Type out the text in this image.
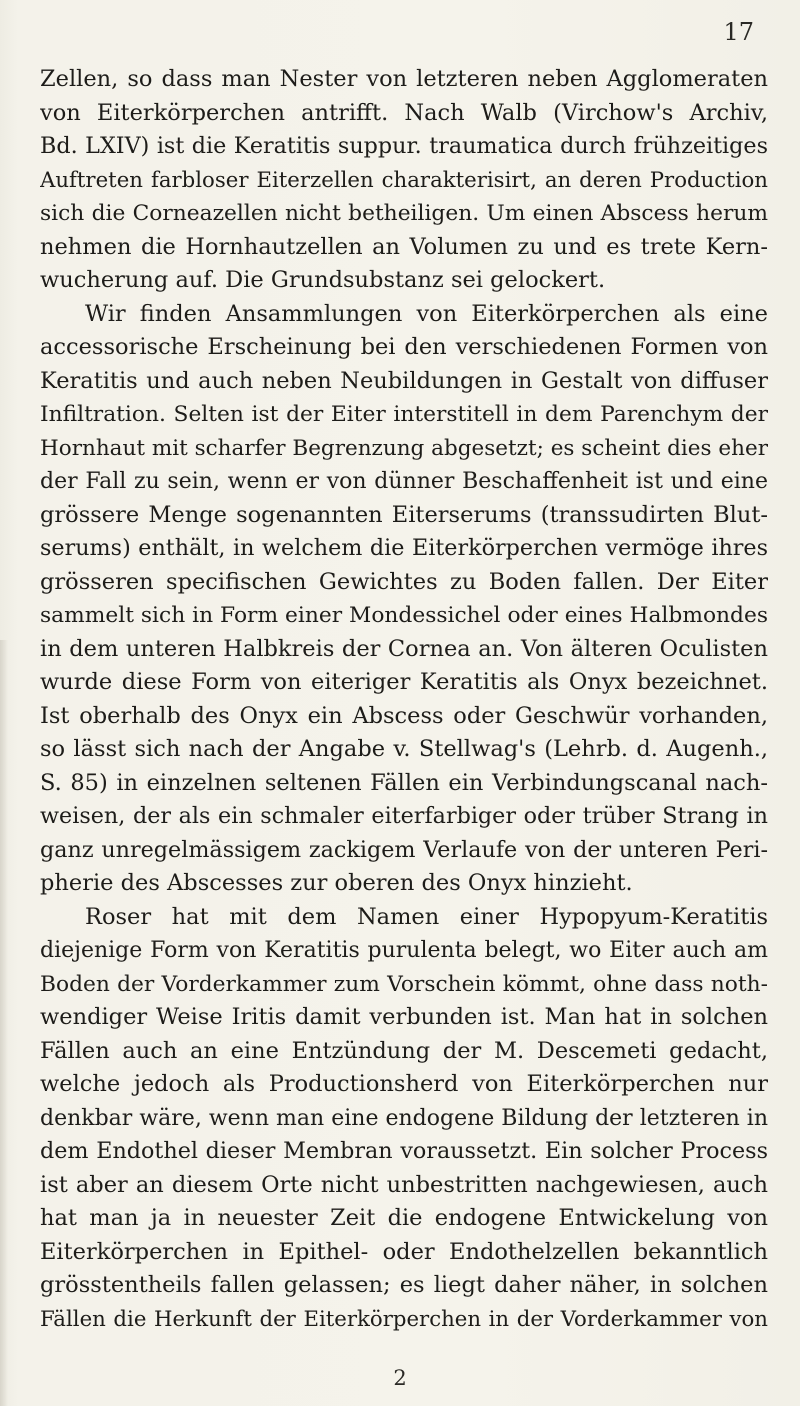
17
Zellen, so dass man Nester von letzteren neben Agglomeraten
von Eiterkörperchen antrifft. Nach Walb (Virchow's Archiv,
Bd. LXIV) ist die Keratitis suppur. traumatica durch frühzeitiges
Auftreten farbloser Eiterzellen charakterisirt, an deren Production
sich die Corneazellen nicht betheiligen. Um einen Abscess herum
nehmen die Hornhautzellen an Volumen zu und es trete Kern-
wucherung auf. Die Grundsubstanz sei gelockert.
Wir finden Ansammlungen von Eiterkörperchen als eine
accessorische Erscheinung bei den verschiedenen Formen von
Keratitis und auch neben Neubildungen in Gestalt von diffuser
Infiltration. Selten ist der Eiter interstitell in dem Parenchym der
Hornhaut mit scharfer Begrenzung abgesetzt; es scheint dies eher
der Fall zu sein, wenn er von dünner Beschaffenheit ist und eine
grössere Menge sogenannten Eiterserums (transsudirten Blut-
serums) enthält, in welchem die Eiterkörperchen vermöge ihres
grösseren specifischen Gewichtes zu Boden fallen. Der Eiter
sammelt sich in Form einer Mondessichel oder eines Halbmondes
in dem unteren Halbkreis der Cornea an. Von älteren Oculisten
wurde diese Form von eiteriger Keratitis als Onyx bezeichnet.
Ist oberhalb des Onyx ein Abscess oder Geschwür vorhanden,
so lässt sich nach der Angabe v. Stellwag's (Lehrb. d. Augenh.,
S. 85) in einzelnen seltenen Fällen ein Verbindungscanal nach-
weisen, der als ein schmaler eiterfarbiger oder trüber Strang in
ganz unregelmässigem zackigem Verlaufe von der unteren Peri-
pherie des Abscesses zur oberen des Onyx hinzieht.
Roser hat mit dem Namen einer Hypopyum-Keratitis
diejenige Form von Keratitis purulenta belegt, wo Eiter auch am
Boden der Vorderkammer zum Vorschein kömmt, ohne dass noth-
wendiger Weise Iritis damit verbunden ist. Man hat in solchen
Fällen auch an eine Entzündung der M. Descemeti gedacht,
welche jedoch als Productionsherd von Eiterkörperchen nur
denkbar wäre, wenn man eine endogene Bildung der letzteren in
dem Endothel dieser Membran voraussetzt. Ein solcher Process
ist aber an diesem Orte nicht unbestritten nachgewiesen, auch
hat man ja in neuester Zeit die endogene Entwickelung von
Eiterkörperchen in Epithel- oder Endothelzellen bekanntlich
grösstentheils fallen gelassen; es liegt daher näher, in solchen
Fällen die Herkunft der Eiterkörperchen in der Vorderkammer von
2
